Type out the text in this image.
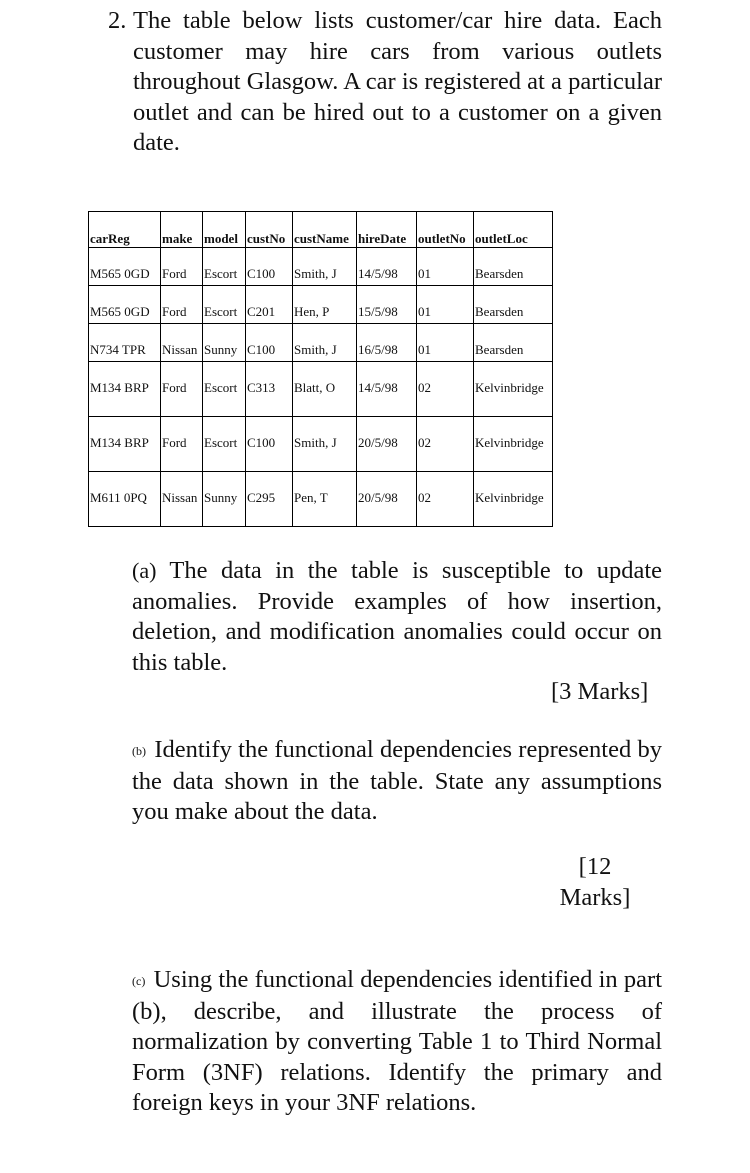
2. The table below lists customer/car hire data. Each customer may hire cars from various outlets throughout Glasgow. A car is registered at a particular outlet and can be hired out to a customer on a given date.
carReg	make	model	custNo	custName	hireDate	outletNo	outletLoc
M565 0GD	Ford	Escort	C100	Smith, J	14/5/98	01	Bearsden
M565 0GD	Ford	Escort	C201	Hen, P	15/5/98	01	Bearsden
N734 TPR	Nissan	Sunny	C100	Smith, J	16/5/98	01	Bearsden
M134 BRP	Ford	Escort	C313	Blatt, O	14/5/98	02	Kelvinbridge
M134 BRP	Ford	Escort	C100	Smith, J	20/5/98	02	Kelvinbridge
M611 0PQ	Nissan	Sunny	C295	Pen, T	20/5/98	02	Kelvinbridge

(a) The data in the table is susceptible to update anomalies. Provide examples of how insertion, deletion, and modification anomalies could occur on this table.

[3 Marks]

(b) Identify the functional dependencies represented by the data shown in the table. State any assumptions you make about the data.

[12
Marks]

(c) Using the functional dependencies identified in part (b), describe, and illustrate the process of normalization by converting Table 1 to Third Normal Form (3NF) relations. Identify the primary and foreign keys in your 3NF relations.
